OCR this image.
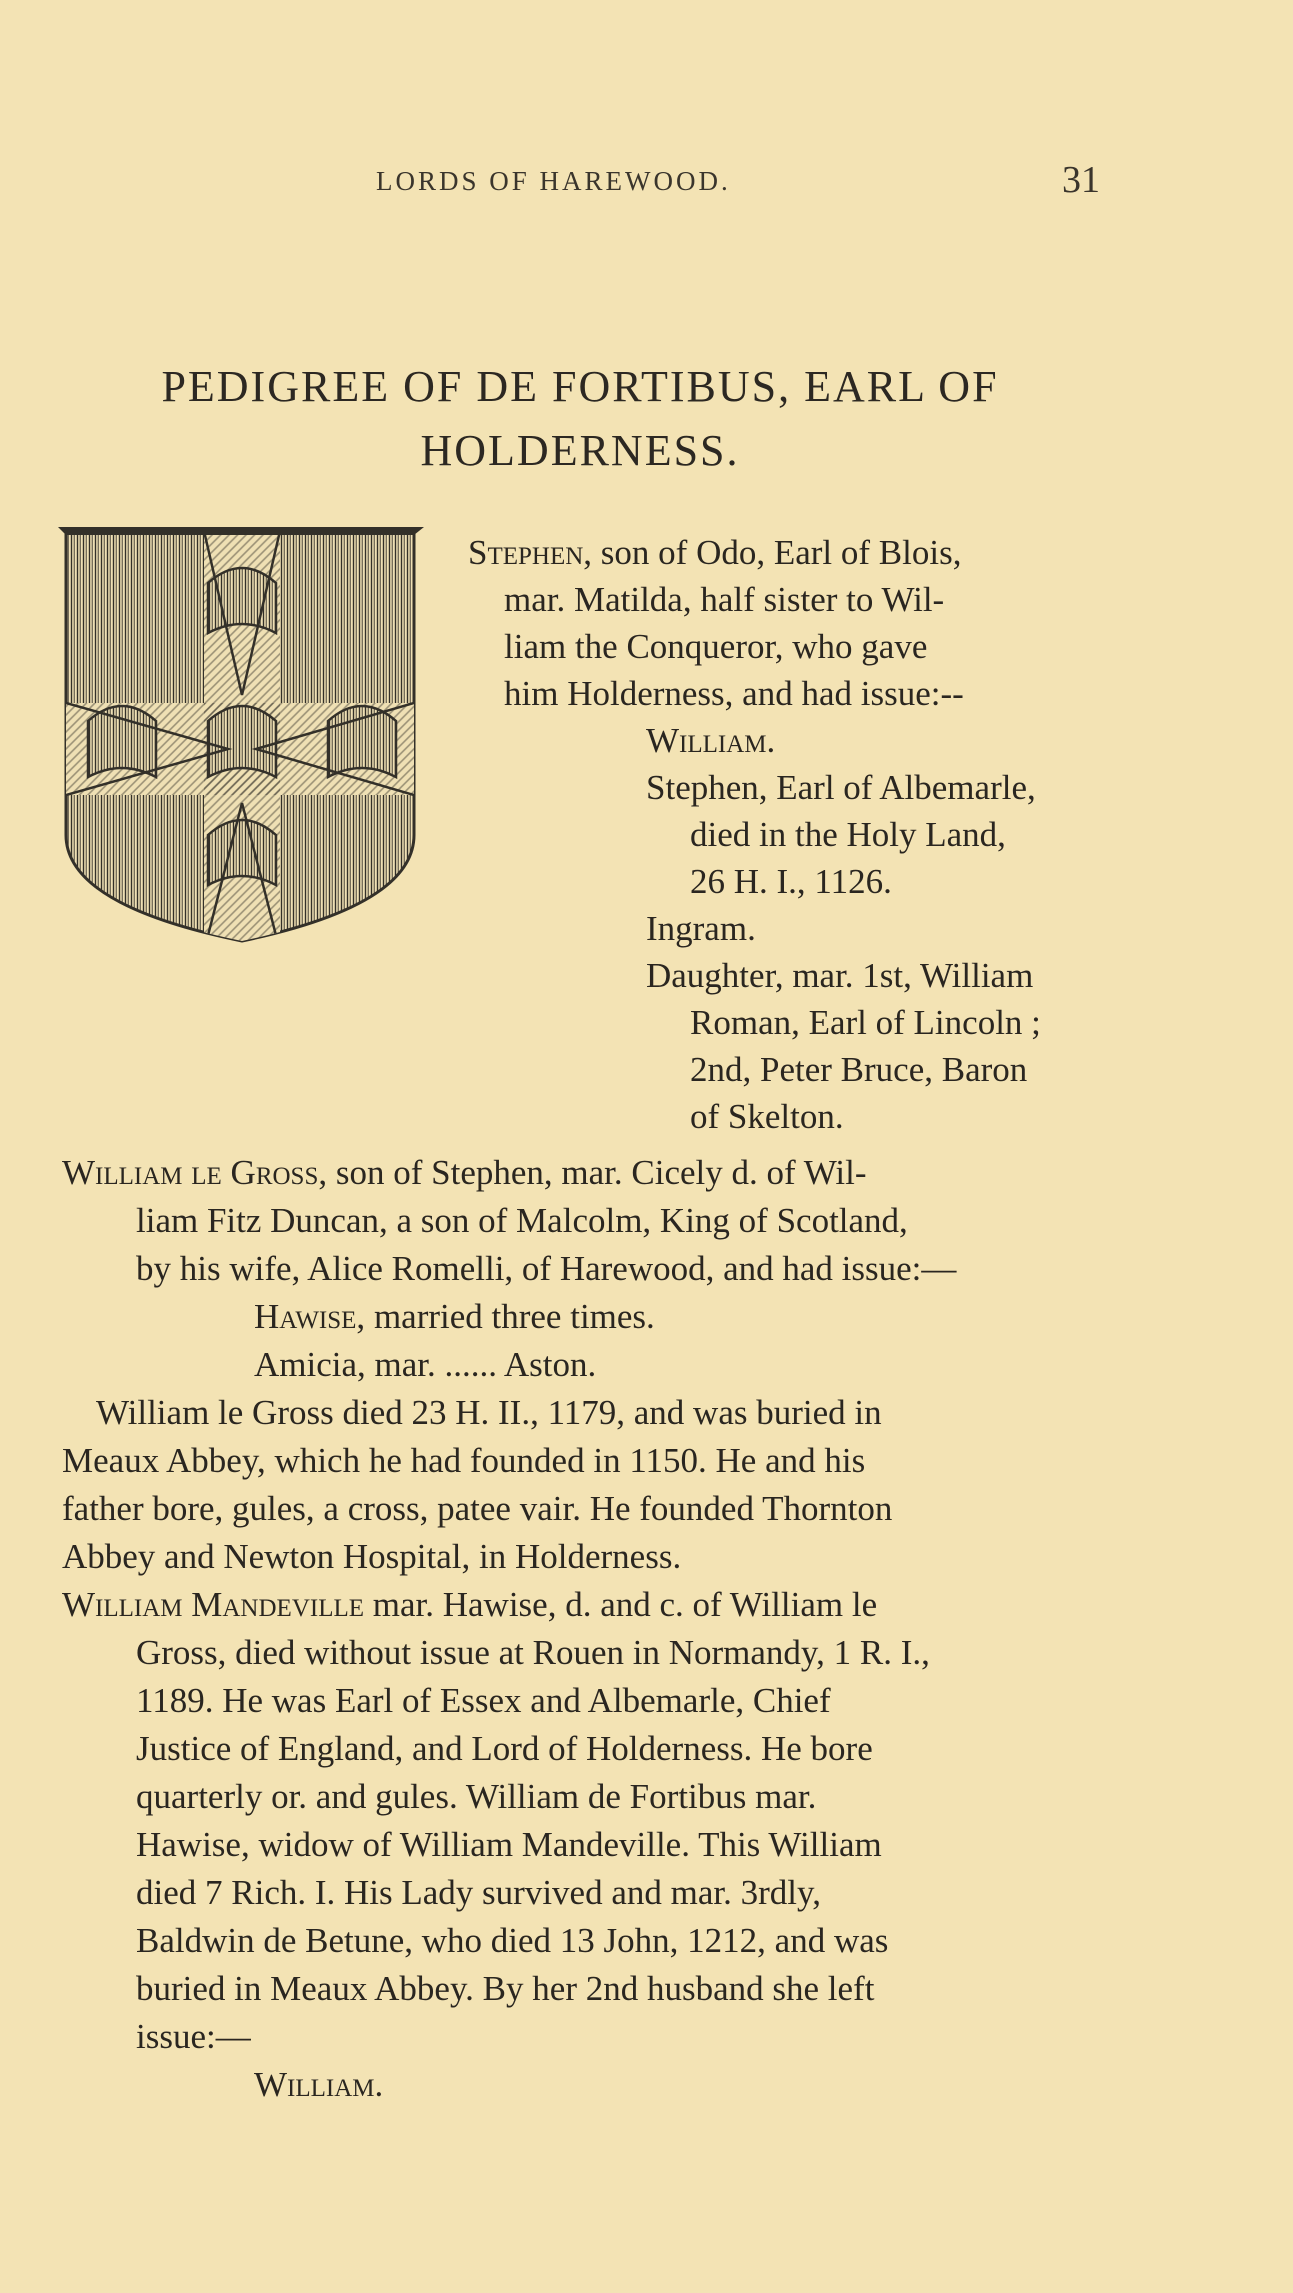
LORDS OF HAREWOOD.	31
PEDIGREE OF DE FORTIBUS, EARL OF
HOLDERNESS.
Stephen, son of Odo, Earl of Blois,
mar. Matilda, half sister to Wil-
liam the Conqueror, who gave
him Holderness, and had issue:--
William.
Stephen, Earl of Albemarle,
died in the Holy Land,
26 H. I., 1126.
Ingram.
Daughter, mar. 1st, William
Roman, Earl of Lincoln ;
2nd, Peter Bruce, Baron
of Skelton.
William le Gross, son of Stephen, mar. Cicely d. of Wil-
liam Fitz Duncan, a son of Malcolm, King of Scotland,
by his wife, Alice Romelli, of Harewood, and had issue:—
Hawise, married three times.
Amicia, mar. ...... Aston.
William le Gross died 23 H. II., 1179, and was buried in
Meaux Abbey, which he had founded in 1150. He and his
father bore, gules, a cross, patee vair. He founded Thornton
Abbey and Newton Hospital, in Holderness.
William Mandeville mar. Hawise, d. and c. of William le
Gross, died without issue at Rouen in Normandy, 1 R. I.,
1189. He was Earl of Essex and Albemarle, Chief
Justice of England, and Lord of Holderness. He bore
quarterly or. and gules. William de Fortibus mar.
Hawise, widow of William Mandeville. This William
died 7 Rich. I. His Lady survived and mar. 3rdly,
Baldwin de Betune, who died 13 John, 1212, and was
buried in Meaux Abbey. By her 2nd husband she left
issue:—
William.
